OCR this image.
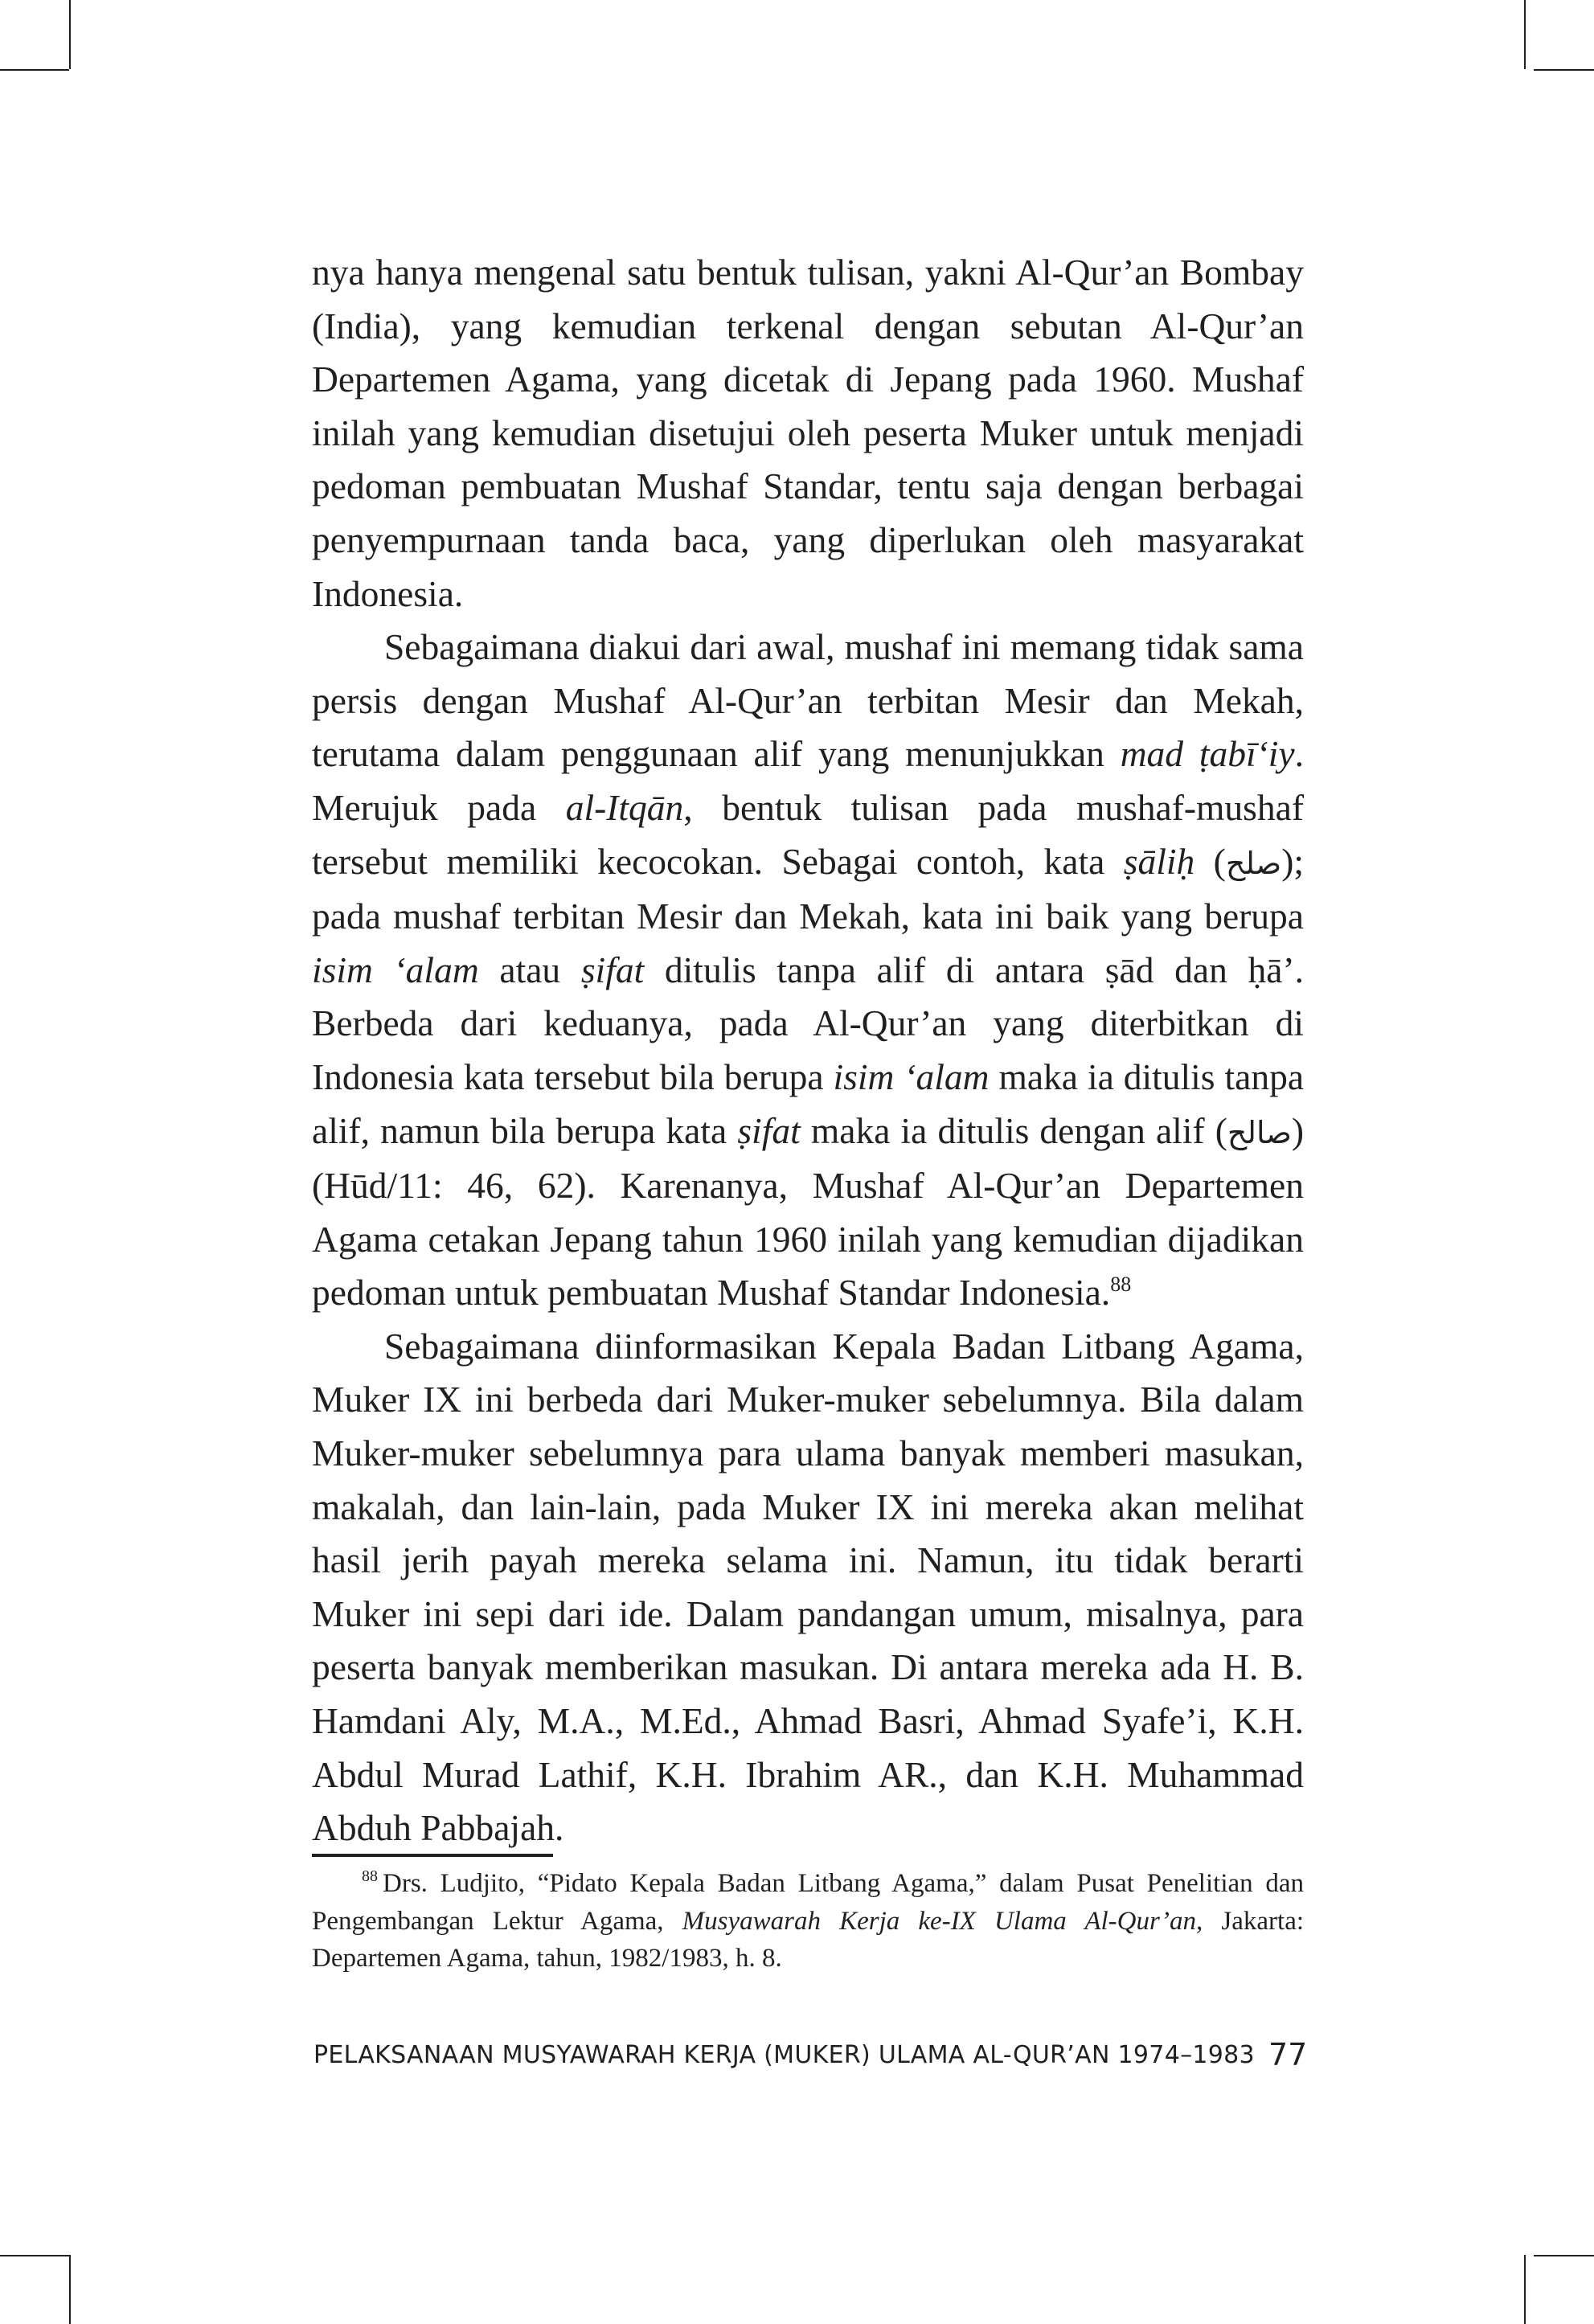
nya hanya mengenal satu bentuk tulisan, yakni Al-Qur’an Bombay (India), yang kemudian terkenal dengan sebutan Al-Qur’an Departemen Agama, yang dicetak di Jepang pada 1960. Mushaf inilah yang kemudian disetujui oleh peserta Muker untuk menjadi pedoman pembuatan Mushaf Standar, tentu saja dengan berbagai penyempurnaan tanda baca, yang diperlukan oleh masyarakat Indonesia.

Sebagaimana diakui dari awal, mushaf ini memang tidak sama persis dengan Mushaf Al-Qur’an terbitan Mesir dan Mekah, terutama dalam penggunaan alif yang menunjukkan mad ṭabī‘iy. Merujuk pada al-Itqān, bentuk tulisan pada mushaf-mushaf tersebut memiliki kecocokan. Sebagai contoh, kata ṣāliḥ (صلح); pada mushaf terbitan Mesir dan Mekah, kata ini baik yang berupa isim ‘alam atau ṣifat ditulis tanpa alif di antara ṣād dan ḥā’. Berbeda dari keduanya, pada Al-Qur’an yang diterbitkan di Indonesia kata tersebut bila berupa isim ‘alam maka ia ditulis tanpa alif, namun bila berupa kata ṣifat maka ia ditulis dengan alif (صالح) (Hūd/11: 46, 62). Karenanya, Mushaf Al-Qur’an Departemen Agama cetakan Jepang tahun 1960 inilah yang kemudian dijadikan pedoman untuk pembuatan Mushaf Standar Indonesia.$^{88}$

Sebagaimana diinformasikan Kepala Badan Litbang Agama, Muker IX ini berbeda dari Muker-muker sebelumnya. Bila dalam Muker-muker sebelumnya para ulama banyak memberi masukan, makalah, dan lain-lain, pada Muker IX ini mereka akan melihat hasil jerih payah mereka selama ini. Namun, itu tidak berarti Muker ini sepi dari ide. Dalam pandangan umum, misalnya, para peserta banyak memberikan masukan. Di antara mereka ada H. B. Hamdani Aly, M.A., M.Ed., Ahmad Basri, Ahmad Syafe’i, K.H. Abdul Murad Lathif, K.H. Ibrahim AR., dan K.H. Muhammad Abduh Pabbajah.

$^{88}$ Drs. Ludjito, “Pidato Kepala Badan Litbang Agama,” dalam Pusat Penelitian dan Pengembangan Lektur Agama, Musyawarah Kerja ke-IX Ulama Al-Qur’an, Jakarta: Departemen Agama, tahun, 1982/1983, h. 8.
PELAKSANAAN MUSYAWARAH KERJA (MUKER) ULAMA AL-QUR’AN 1974–1983 77
